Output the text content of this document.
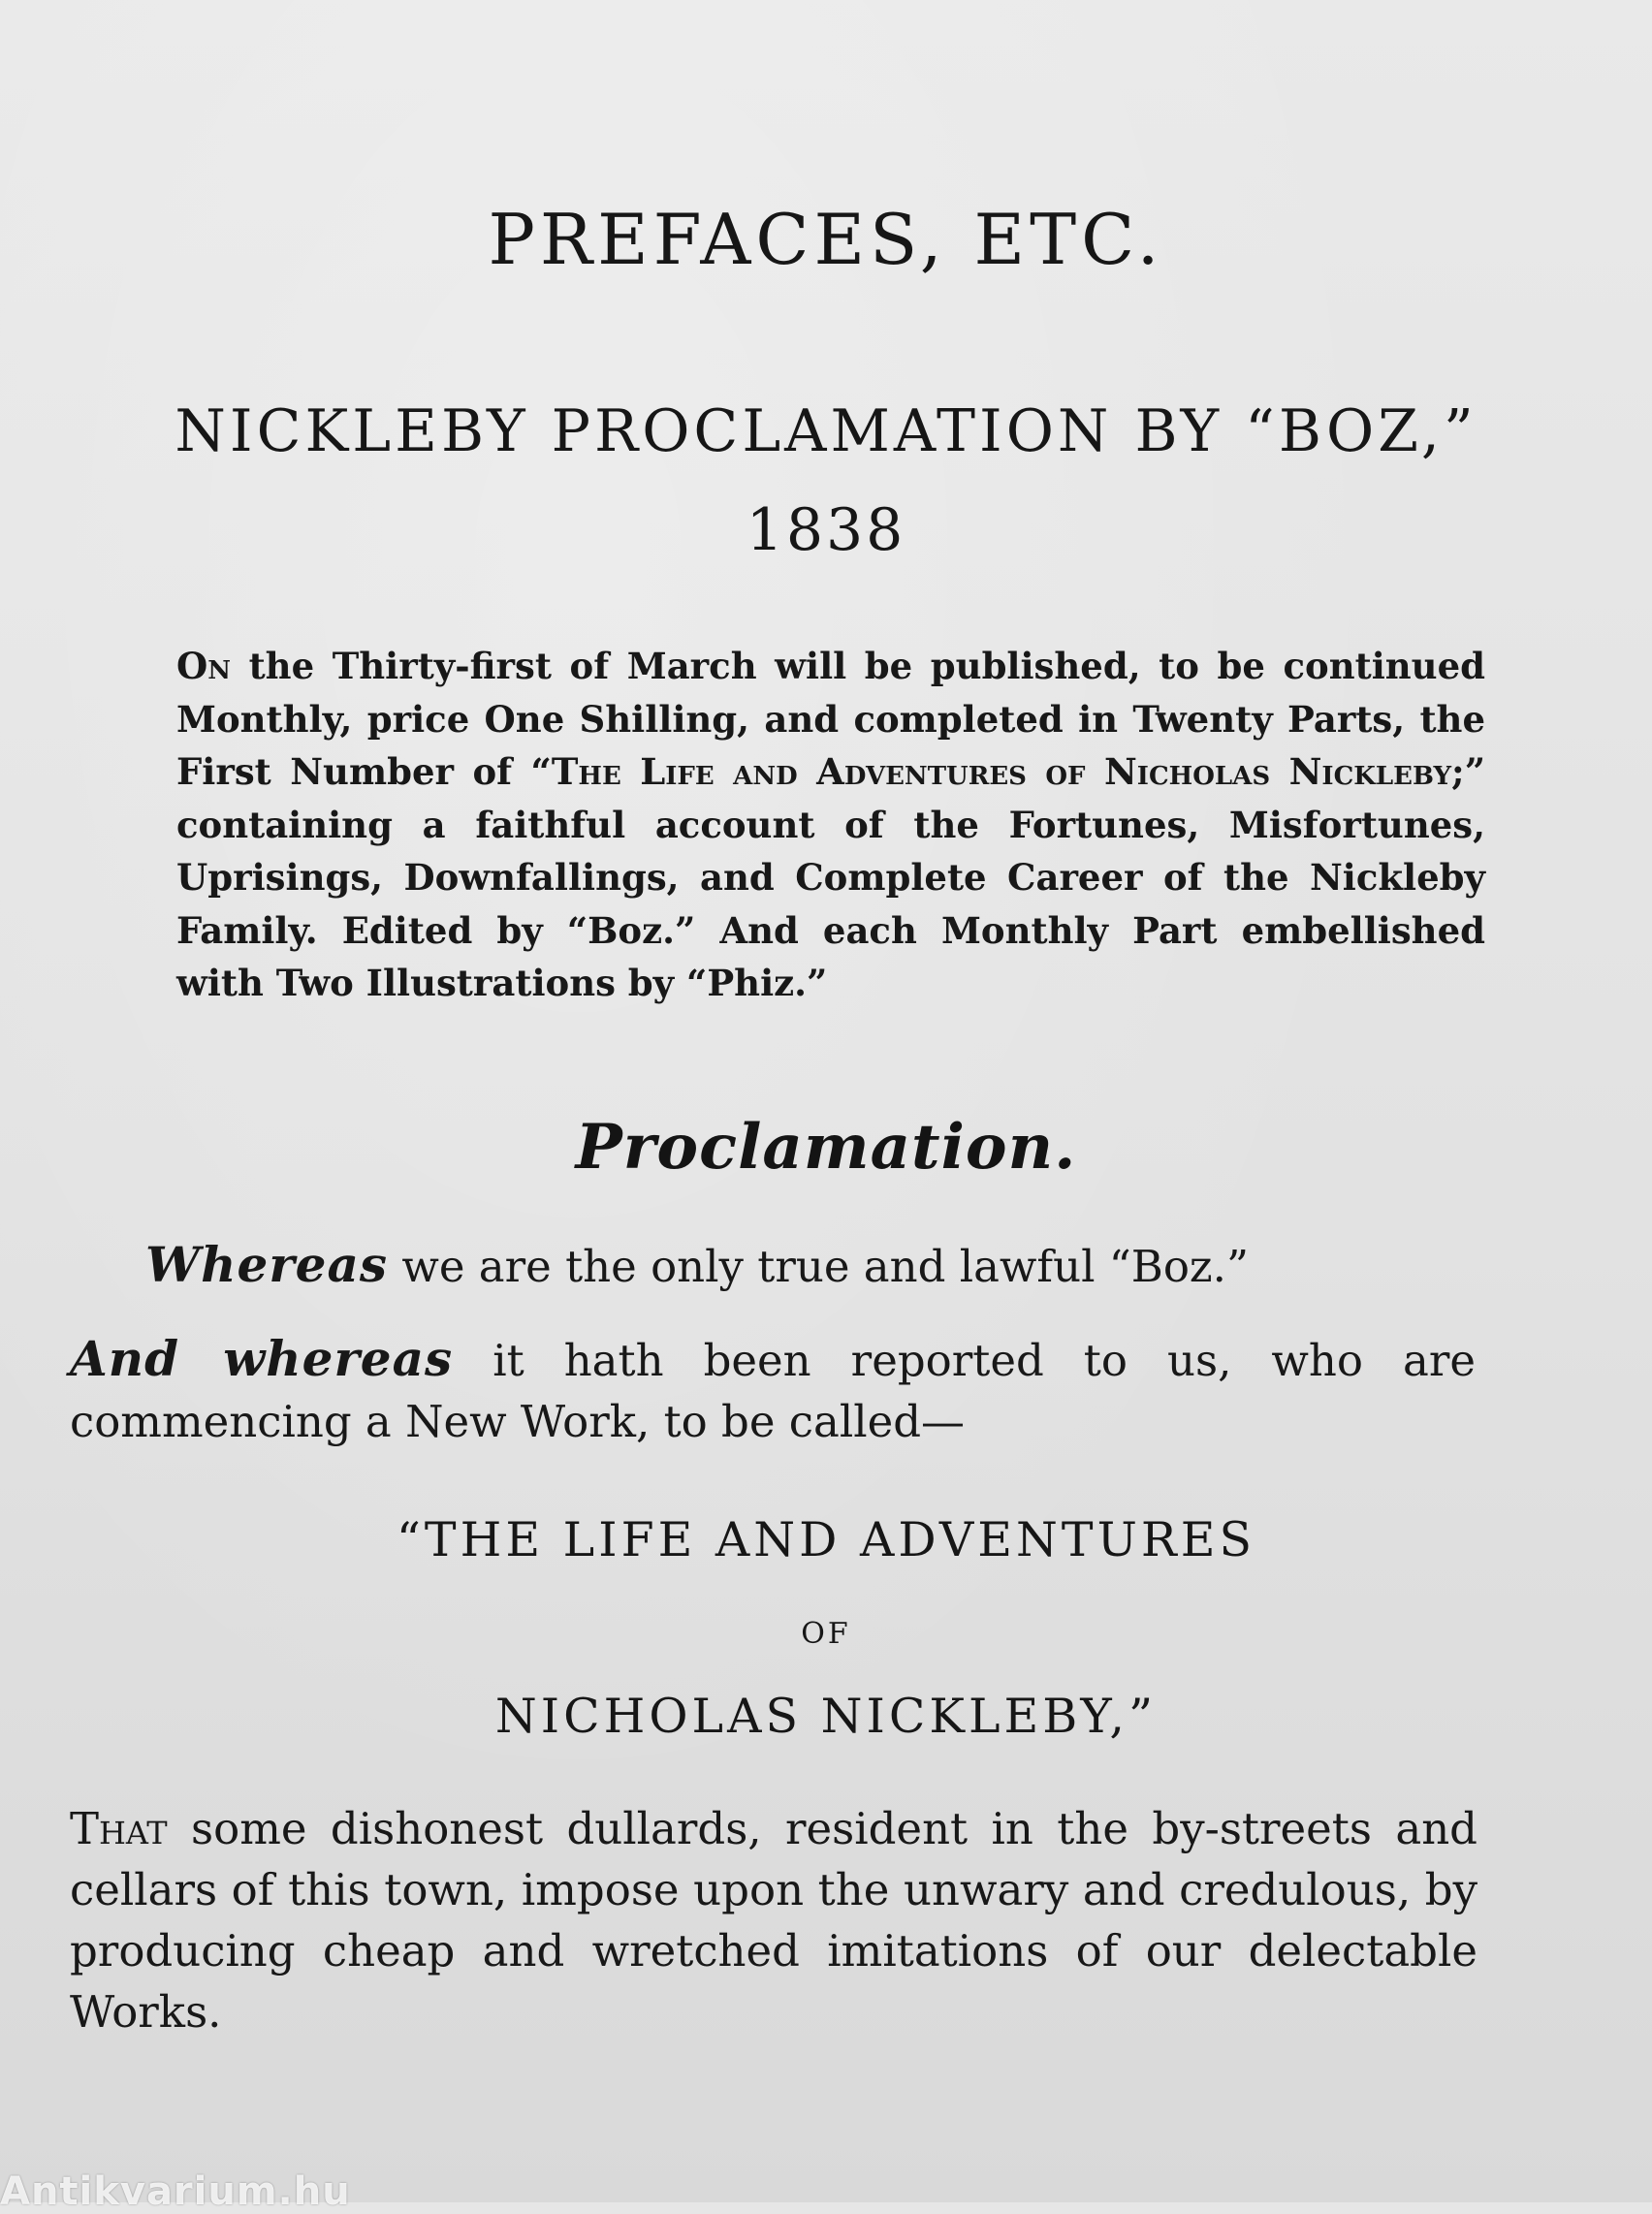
PREFACES, ETC.
NICKLEBY PROCLAMATION BY “BOZ,”
1838
On the Thirty-first of March will be published, to be continued Monthly, price One Shilling, and completed in Twenty Parts, the First Number of “The Life and Adventures of Nicholas Nickleby;” containing a faithful account of the Fortunes, Misfortunes, Uprisings, Downfallings, and Complete Career of the Nickleby Family. Edited by “Boz.” And each Monthly Part embellished with Two Illustrations by “Phiz.”
Proclamation.
Whereas we are the only true and lawful “Boz.”
And whereas it hath been reported to us, who are commencing a New Work, to be called—
“THE LIFE AND ADVENTURES
OF
NICHOLAS NICKLEBY,”
That some dishonest dullards, resident in the by-streets and cellars of this town, impose upon the unwary and credulous, by producing cheap and wretched imitations of our delectable Works.
Antikvarium.hu
